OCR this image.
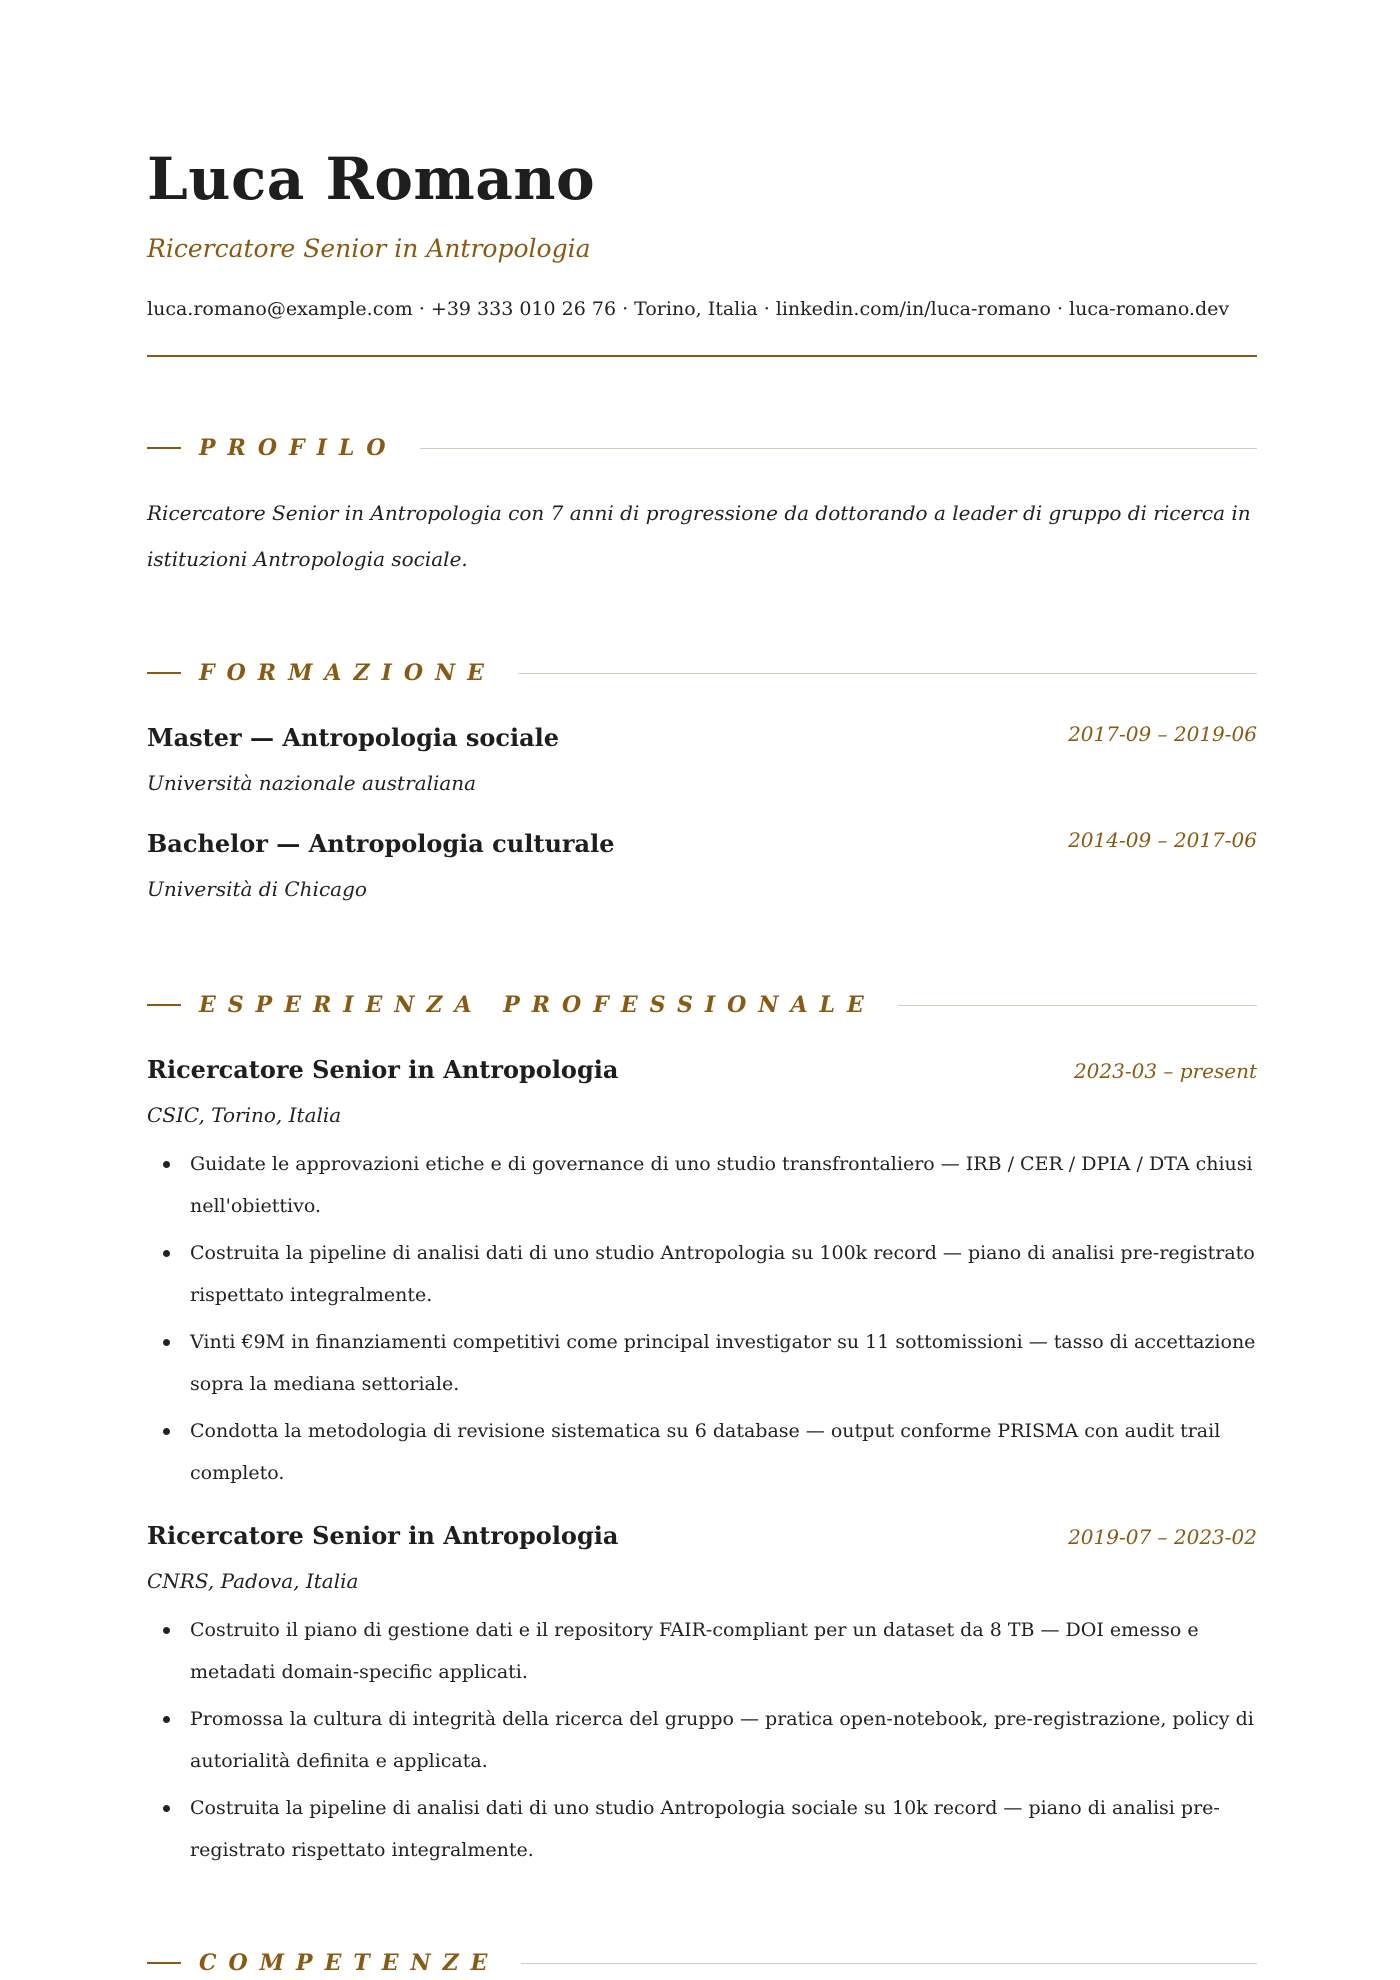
Luca Romano
Ricercatore Senior in Antropologia
luca.romano@example.com · +39 333 010 26 76 · Torino, Italia · linkedin.com/in/luca-romano · luca-romano.dev
PROFILO
Ricercatore Senior in Antropologia con 7 anni di progressione da dottorando a leader di gruppo di ricerca in istituzioni Antropologia sociale.
FORMAZIONE
Master — Antropologia sociale	2017-09 – 2019-06
Università nazionale australiana
Bachelor — Antropologia culturale	2014-09 – 2017-06
Università di Chicago
ESPERIENZA PROFESSIONALE
Ricercatore Senior in Antropologia	2023-03 – present
CSIC, Torino, Italia
Guidate le approvazioni etiche e di governance di uno studio transfrontaliero — IRB / CER / DPIA / DTA chiusi nell'obiettivo.
Costruita la pipeline di analisi dati di uno studio Antropologia su 100k record — piano di analisi pre-registrato rispettato integralmente.
Vinti €9M in finanziamenti competitivi come principal investigator su 11 sottomissioni — tasso di accettazione sopra la mediana settoriale.
Condotta la metodologia di revisione sistematica su 6 database — output conforme PRISMA con audit trail completo.
Ricercatore Senior in Antropologia	2019-07 – 2023-02
CNRS, Padova, Italia
Costruito il piano di gestione dati e il repository FAIR-compliant per un dataset da 8 TB — DOI emesso e metadati domain-specific applicati.
Promossa la cultura di integrità della ricerca del gruppo — pratica open-notebook, pre-registrazione, policy di autorialità definita e applicata.
Costruita la pipeline di analisi dati di uno studio Antropologia sociale su 10k record — piano di analisi pre-registrato rispettato integralmente.
COMPETENZE
